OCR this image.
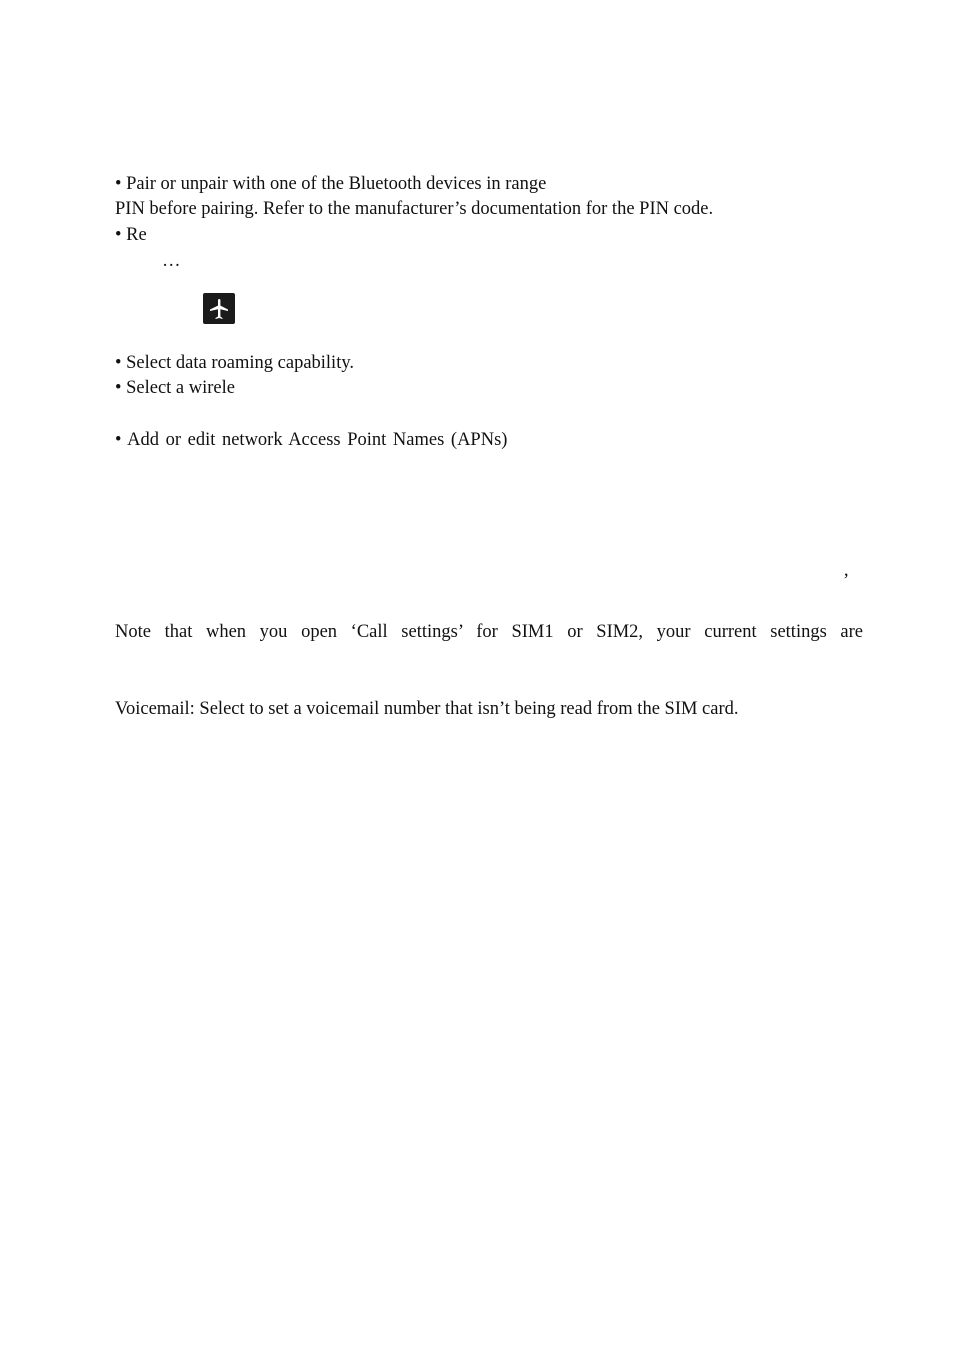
• Pair or unpair with one of the Bluetooth devices in range
PIN before pairing. Refer to the manufacturer’s documentation for the PIN code.
• Re
…
• Select data roaming capability.
• Select a wirele
• Add or edit network Access Point Names (APNs)
’
Note that when you open ‘Call settings’ for SIM1 or SIM2, your current settings are
Voicemail: Select to set a voicemail number that isn’t being read from the SIM card.
